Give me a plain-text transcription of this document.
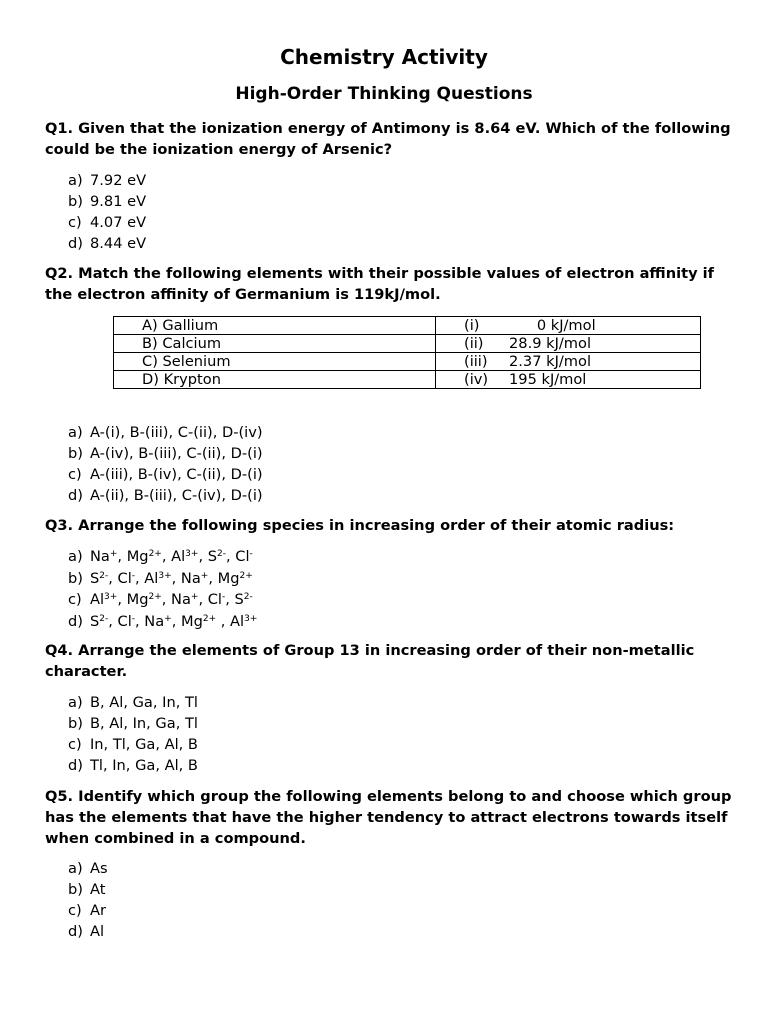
Chemistry Activity
High-Order Thinking Questions
Q1. Given that the ionization energy of Antimony is 8.64 eV. Which of the following could be the ionization energy of Arsenic?
a) 7.92 eV
b) 9.81 eV
c) 4.07 eV
d) 8.44 eV
Q2. Match the following elements with their possible values of electron affinity if the electron affinity of Germanium is 119kJ/mol.
A) Gallium	(i)      0 kJ/mol
B) Calcium	(ii) 28.9 kJ/mol
C) Selenium	(iii) 2.37 kJ/mol
D) Krypton	(iv) 195 kJ/mol
a) A-(i), B-(iii), C-(ii), D-(iv)
b) A-(iv), B-(iii), C-(ii), D-(i)
c) A-(iii), B-(iv), C-(ii), D-(i)
d) A-(ii), B-(iii), C-(iv), D-(i)
Q3. Arrange the following species in increasing order of their atomic radius:
a) Na+, $Mg^{2+}$, $Al^{3+}$, $S^{2-}$, Cl-
b) $S^{2-}$, Cl-, $Al^{3+}$, Na+, $Mg^{2+}$
c) $Al^{3+}$, $Mg^{2+}$, Na+, Cl-, $S^{2-}$
d) $S^{2-}$, Cl-, Na+, $Mg^{2+}$ , $Al^{3+}$
Q4. Arrange the elements of Group 13 in increasing order of their non-metallic character.
a) B, Al, Ga, In, Tl
b) B, Al, In, Ga, Tl
c) In, Tl, Ga, Al, B
d) Tl, In, Ga, Al, B
Q5. Identify which group the following elements belong to and choose which group has the elements that have the higher tendency to attract electrons towards itself when combined in a compound.
a) As
b) At
c) Ar
d) Al
